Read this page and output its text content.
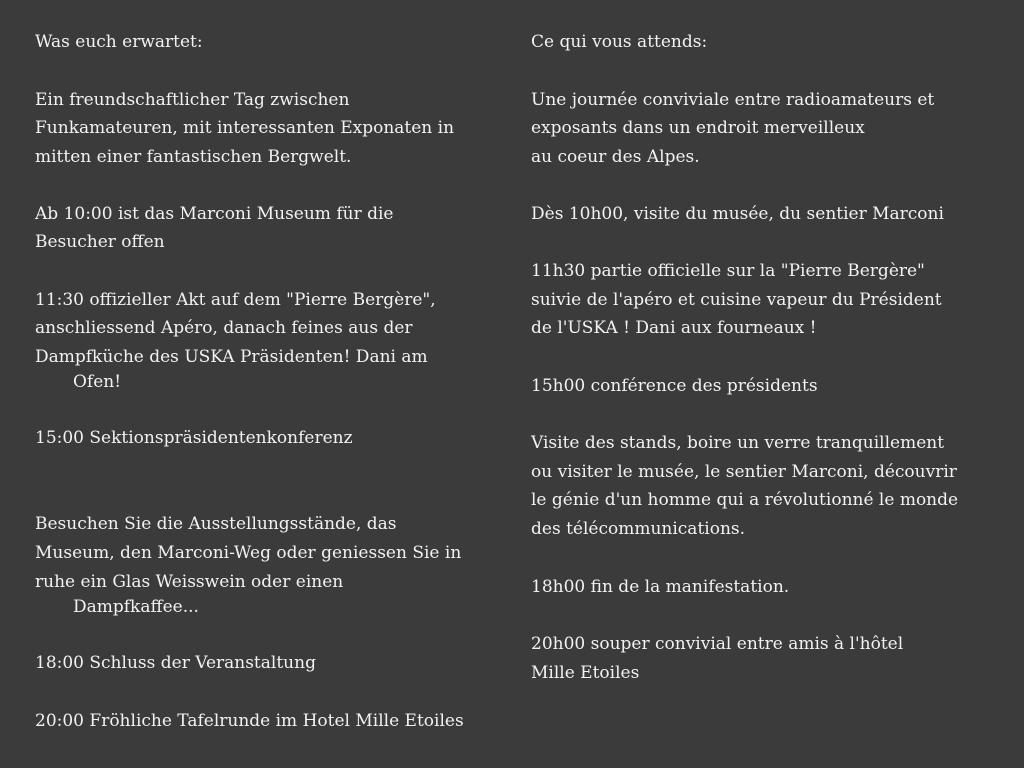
Was euch erwartet:
Ein freundschaftlicher Tag zwischen
Funkamateuren, mit interessanten Exponaten in
mitten einer fantastischen Bergwelt.
Ab 10:00 ist das Marconi Museum für die
Besucher offen
11:30 offizieller Akt auf dem "Pierre Bergère",
anschliessend Apéro, danach feines aus der
Dampfküche des USKA Präsidenten! Dani am
Ofen!
15:00 Sektionspräsidentenkonferenz
Besuchen Sie die Ausstellungsstände, das
Museum, den Marconi-Weg oder geniessen Sie in
ruhe ein Glas Weisswein oder einen
Dampfkaffee...
18:00 Schluss der Veranstaltung
20:00 Fröhliche Tafelrunde im Hotel Mille Etoiles
Ce qui vous attends:
Une journée conviviale entre radioamateurs et
exposants dans un endroit merveilleux
au coeur des Alpes.
Dès 10h00, visite du musée, du sentier Marconi
11h30 partie officielle sur la "Pierre Bergère"
suivie de l'apéro et cuisine vapeur du Président
de l'USKA ! Dani aux fourneaux !
15h00 conférence des présidents
Visite des stands, boire un verre tranquillement
ou visiter le musée, le sentier Marconi, découvrir
le génie d'un homme qui a révolutionné le monde
des télécommunications.
18h00 fin de la manifestation.
20h00 souper convivial entre amis à l'hôtel
Mille Etoiles
